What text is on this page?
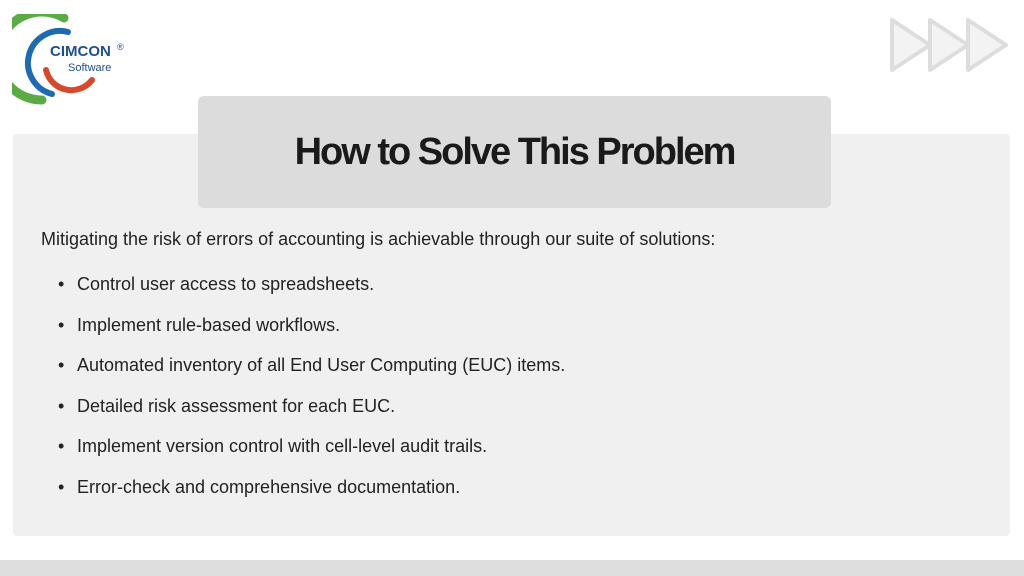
CIMCON ®
Software
How to Solve This Problem

Mitigating the risk of errors of accounting is achievable through our suite of solutions:

• Control user access to spreadsheets.
• Implement rule-based workflows.
• Automated inventory of all End User Computing (EUC) items.
• Detailed risk assessment for each EUC.
• Implement version control with cell-level audit trails.
• Error-check and comprehensive documentation.
